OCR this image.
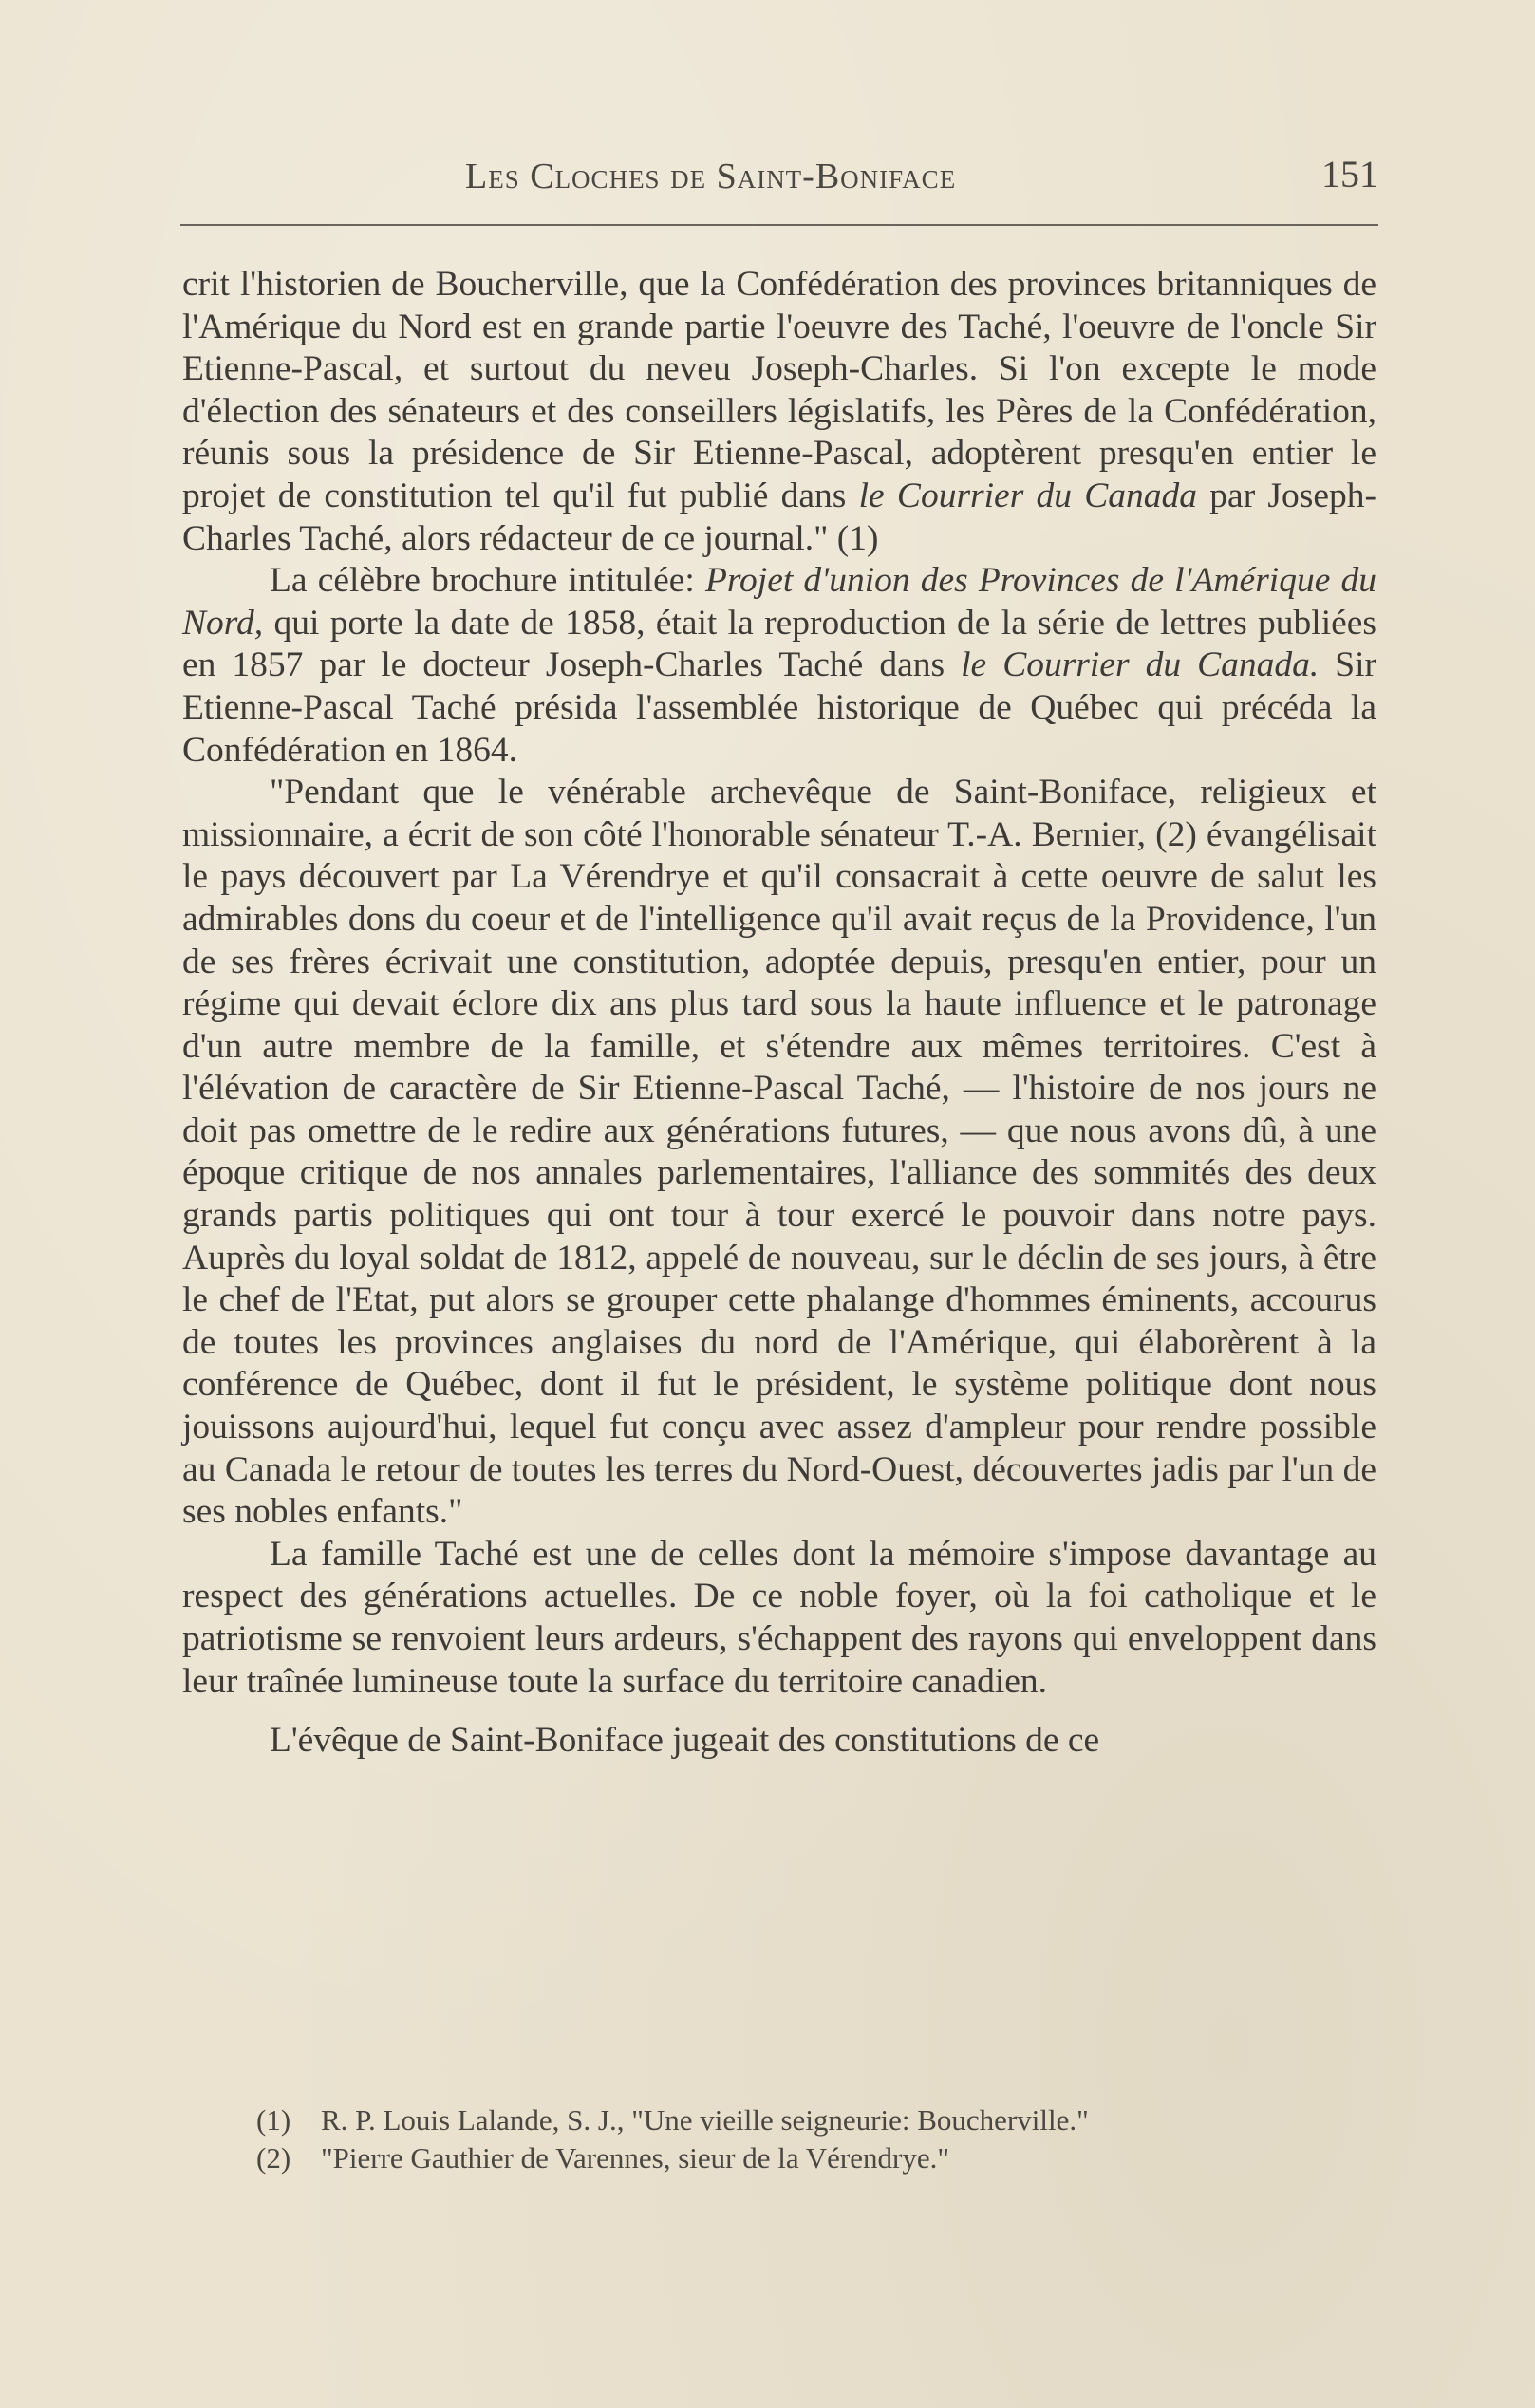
Les Cloches de Saint-Boniface	151

crit l'historien de Boucherville, que la Confédération des provinces britanniques de l'Amérique du Nord est en grande partie l'oeuvre des Taché, l'oeuvre de l'oncle Sir Etienne-Pascal, et surtout du neveu Joseph-Charles. Si l'on excepte le mode d'élection des sénateurs et des conseillers législatifs, les Pères de la Confédération, réunis sous la présidence de Sir Etienne-Pascal, adoptèrent presqu'en entier le projet de constitution tel qu'il fut publié dans le Courrier du Canada par Joseph-Charles Taché, alors rédacteur de ce journal." (1)

La célèbre brochure intitulée: Projet d'union des Provinces de l'Amérique du Nord, qui porte la date de 1858, était la reproduction de la série de lettres publiées en 1857 par le docteur Joseph-Charles Taché dans le Courrier du Canada. Sir Etienne-Pascal Taché présida l'assemblée historique de Québec qui précéda la Confédération en 1864.

"Pendant que le vénérable archevêque de Saint-Boniface, religieux et missionnaire, a écrit de son côté l'honorable sénateur T.-A. Bernier, (2) évangélisait le pays découvert par La Vérendrye et qu'il consacrait à cette oeuvre de salut les admirables dons du coeur et de l'intelligence qu'il avait reçus de la Providence, l'un de ses frères écrivait une constitution, adoptée depuis, presqu'en entier, pour un régime qui devait éclore dix ans plus tard sous la haute influence et le patronage d'un autre membre de la famille, et s'étendre aux mêmes territoires. C'est à l'élévation de caractère de Sir Etienne-Pascal Taché, — l'histoire de nos jours ne doit pas omettre de le redire aux générations futures, — que nous avons dû, à une époque critique de nos annales parlementaires, l'alliance des sommités des deux grands partis politiques qui ont tour à tour exercé le pouvoir dans notre pays. Auprès du loyal soldat de 1812, appelé de nouveau, sur le déclin de ses jours, à être le chef de l'Etat, put alors se grouper cette phalange d'hommes éminents, accourus de toutes les provinces anglaises du nord de l'Amérique, qui élaborèrent à la conférence de Québec, dont il fut le président, le système politique dont nous jouissons aujourd'hui, lequel fut conçu avec assez d'ampleur pour rendre possible au Canada le retour de toutes les terres du Nord-Ouest, découvertes jadis par l'un de ses nobles enfants."

La famille Taché est une de celles dont la mémoire s'impose davantage au respect des générations actuelles. De ce noble foyer, où la foi catholique et le patriotisme se renvoient leurs ardeurs, s'échappent des rayons qui enveloppent dans leur traînée lumineuse toute la surface du territoire canadien.

L'évêque de Saint-Boniface jugeait des constitutions de ce

(1) R. P. Louis Lalande, S. J., "Une vieille seigneurie: Boucherville."
(2) "Pierre Gauthier de Varennes, sieur de la Vérendrye."
